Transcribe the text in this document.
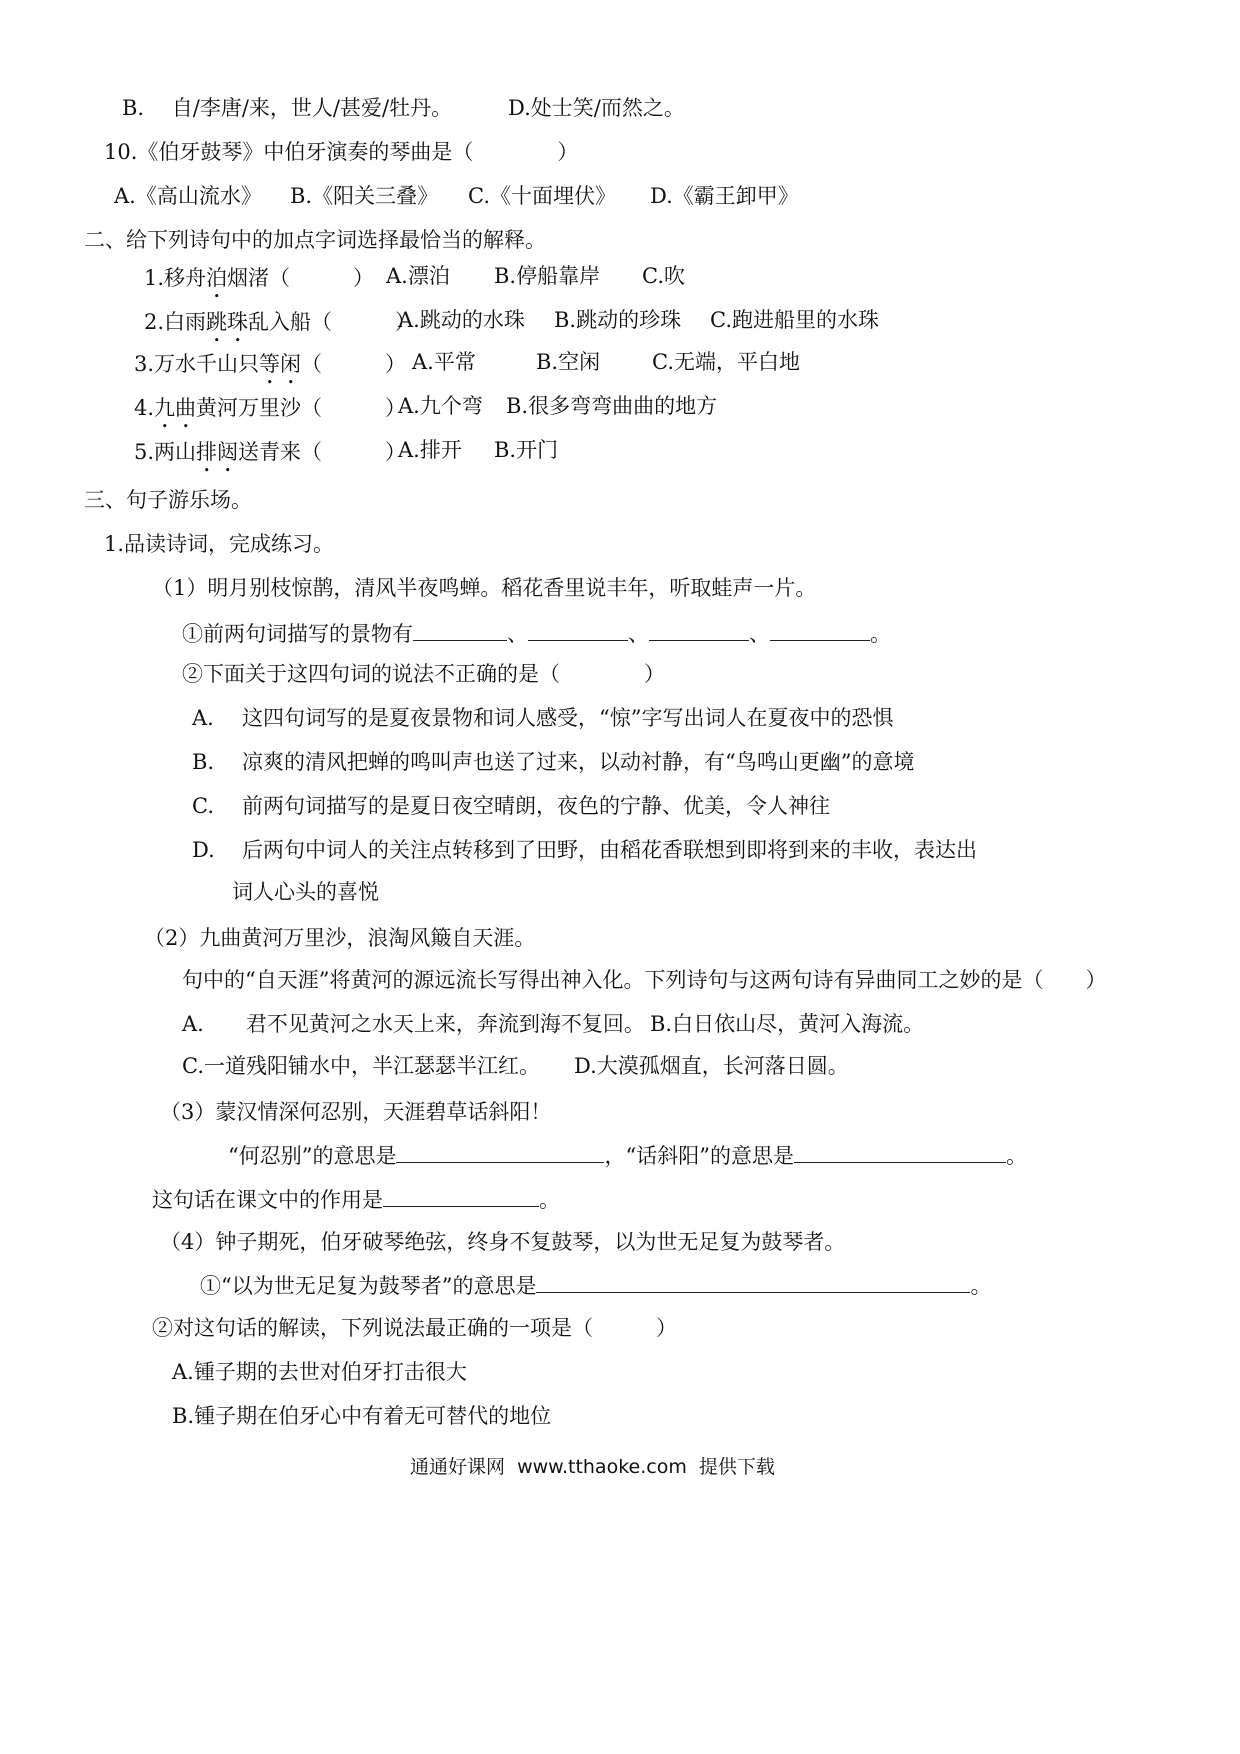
B.　 自/李唐/来，世人/甚爱/牡丹。	D.处士笑/而然之。
10.《伯牙鼓琴》中伯牙演奏的琴曲是（　　　　）
A.《高山流水》 B.《阳关三叠》 C.《十面埋伏》 D.《霸王卸甲》
二、给下列诗句中的加点字词选择最恰当的解释。
1.移舟泊烟渚（　　　） A.漂泊 B.停船靠岸 C.吹
2.白雨跳珠乱入船（　　　）
A.跳动的水珠 B.跳动的珍珠 C.跑进船里的水珠
3.万水千山只等闲（　　　） A.平常	B.空闲 C.无端，平白地
4.九曲黄河万里沙（　　　）
A.九个弯 B.很多弯弯曲曲的地方
5.两山排闼送青来（　　　）
A.排开 B.开门
三、句子游乐场。
1.品读诗词，完成练习。
（1）明月别枝惊鹊，清风半夜鸣蝉。稻花香里说丰年，听取蛙声一片。
①前两句词描写的景物有	、	、	、	。
②下面关于这四句词的说法不正确的是（　　　　）
A. 这四句词写的是夏夜景物和词人感受，“惊”字写出词人在夏夜中的恐惧
B. 凉爽的清风把蝉的鸣叫声也送了过来，以动衬静，有“鸟鸣山更幽”的意境
C. 前两句词描写的是夏日夜空晴朗，夜色的宁静、优美，令人神往
D. 后两句中词人的关注点转移到了田野，由稻花香联想到即将到来的丰收，表达出
词人心头的喜悦
（2）九曲黄河万里沙，浪淘风簸自天涯。
句中的“自天涯”将黄河的源远流长写得出神入化。下列诗句与这两句诗有异曲同工之妙的是（　　）
A.　　君不见黄河之水天上来，奔流到海不复回。 B.白日依山尽，黄河入海流。
C.一道残阳铺水中，半江瑟瑟半江红。 D.大漠孤烟直，长河落日圆。
（3）蒙汉情深何忍别，天涯碧草话斜阳！
“何忍别”的意思是	，“话斜阳”的意思是	。
这句话在课文中的作用是	。
（4）钟子期死，伯牙破琴绝弦，终身不复鼓琴，以为世无足复为鼓琴者。
①“以为世无足复为鼓琴者”的意思是	。
②对这句话的解读，下列说法最正确的一项是（　　　）
A.锺子期的去世对伯牙打击很大
B.锺子期在伯牙心中有着无可替代的地位
通通好课网  www.tthaoke.com  提供下载
